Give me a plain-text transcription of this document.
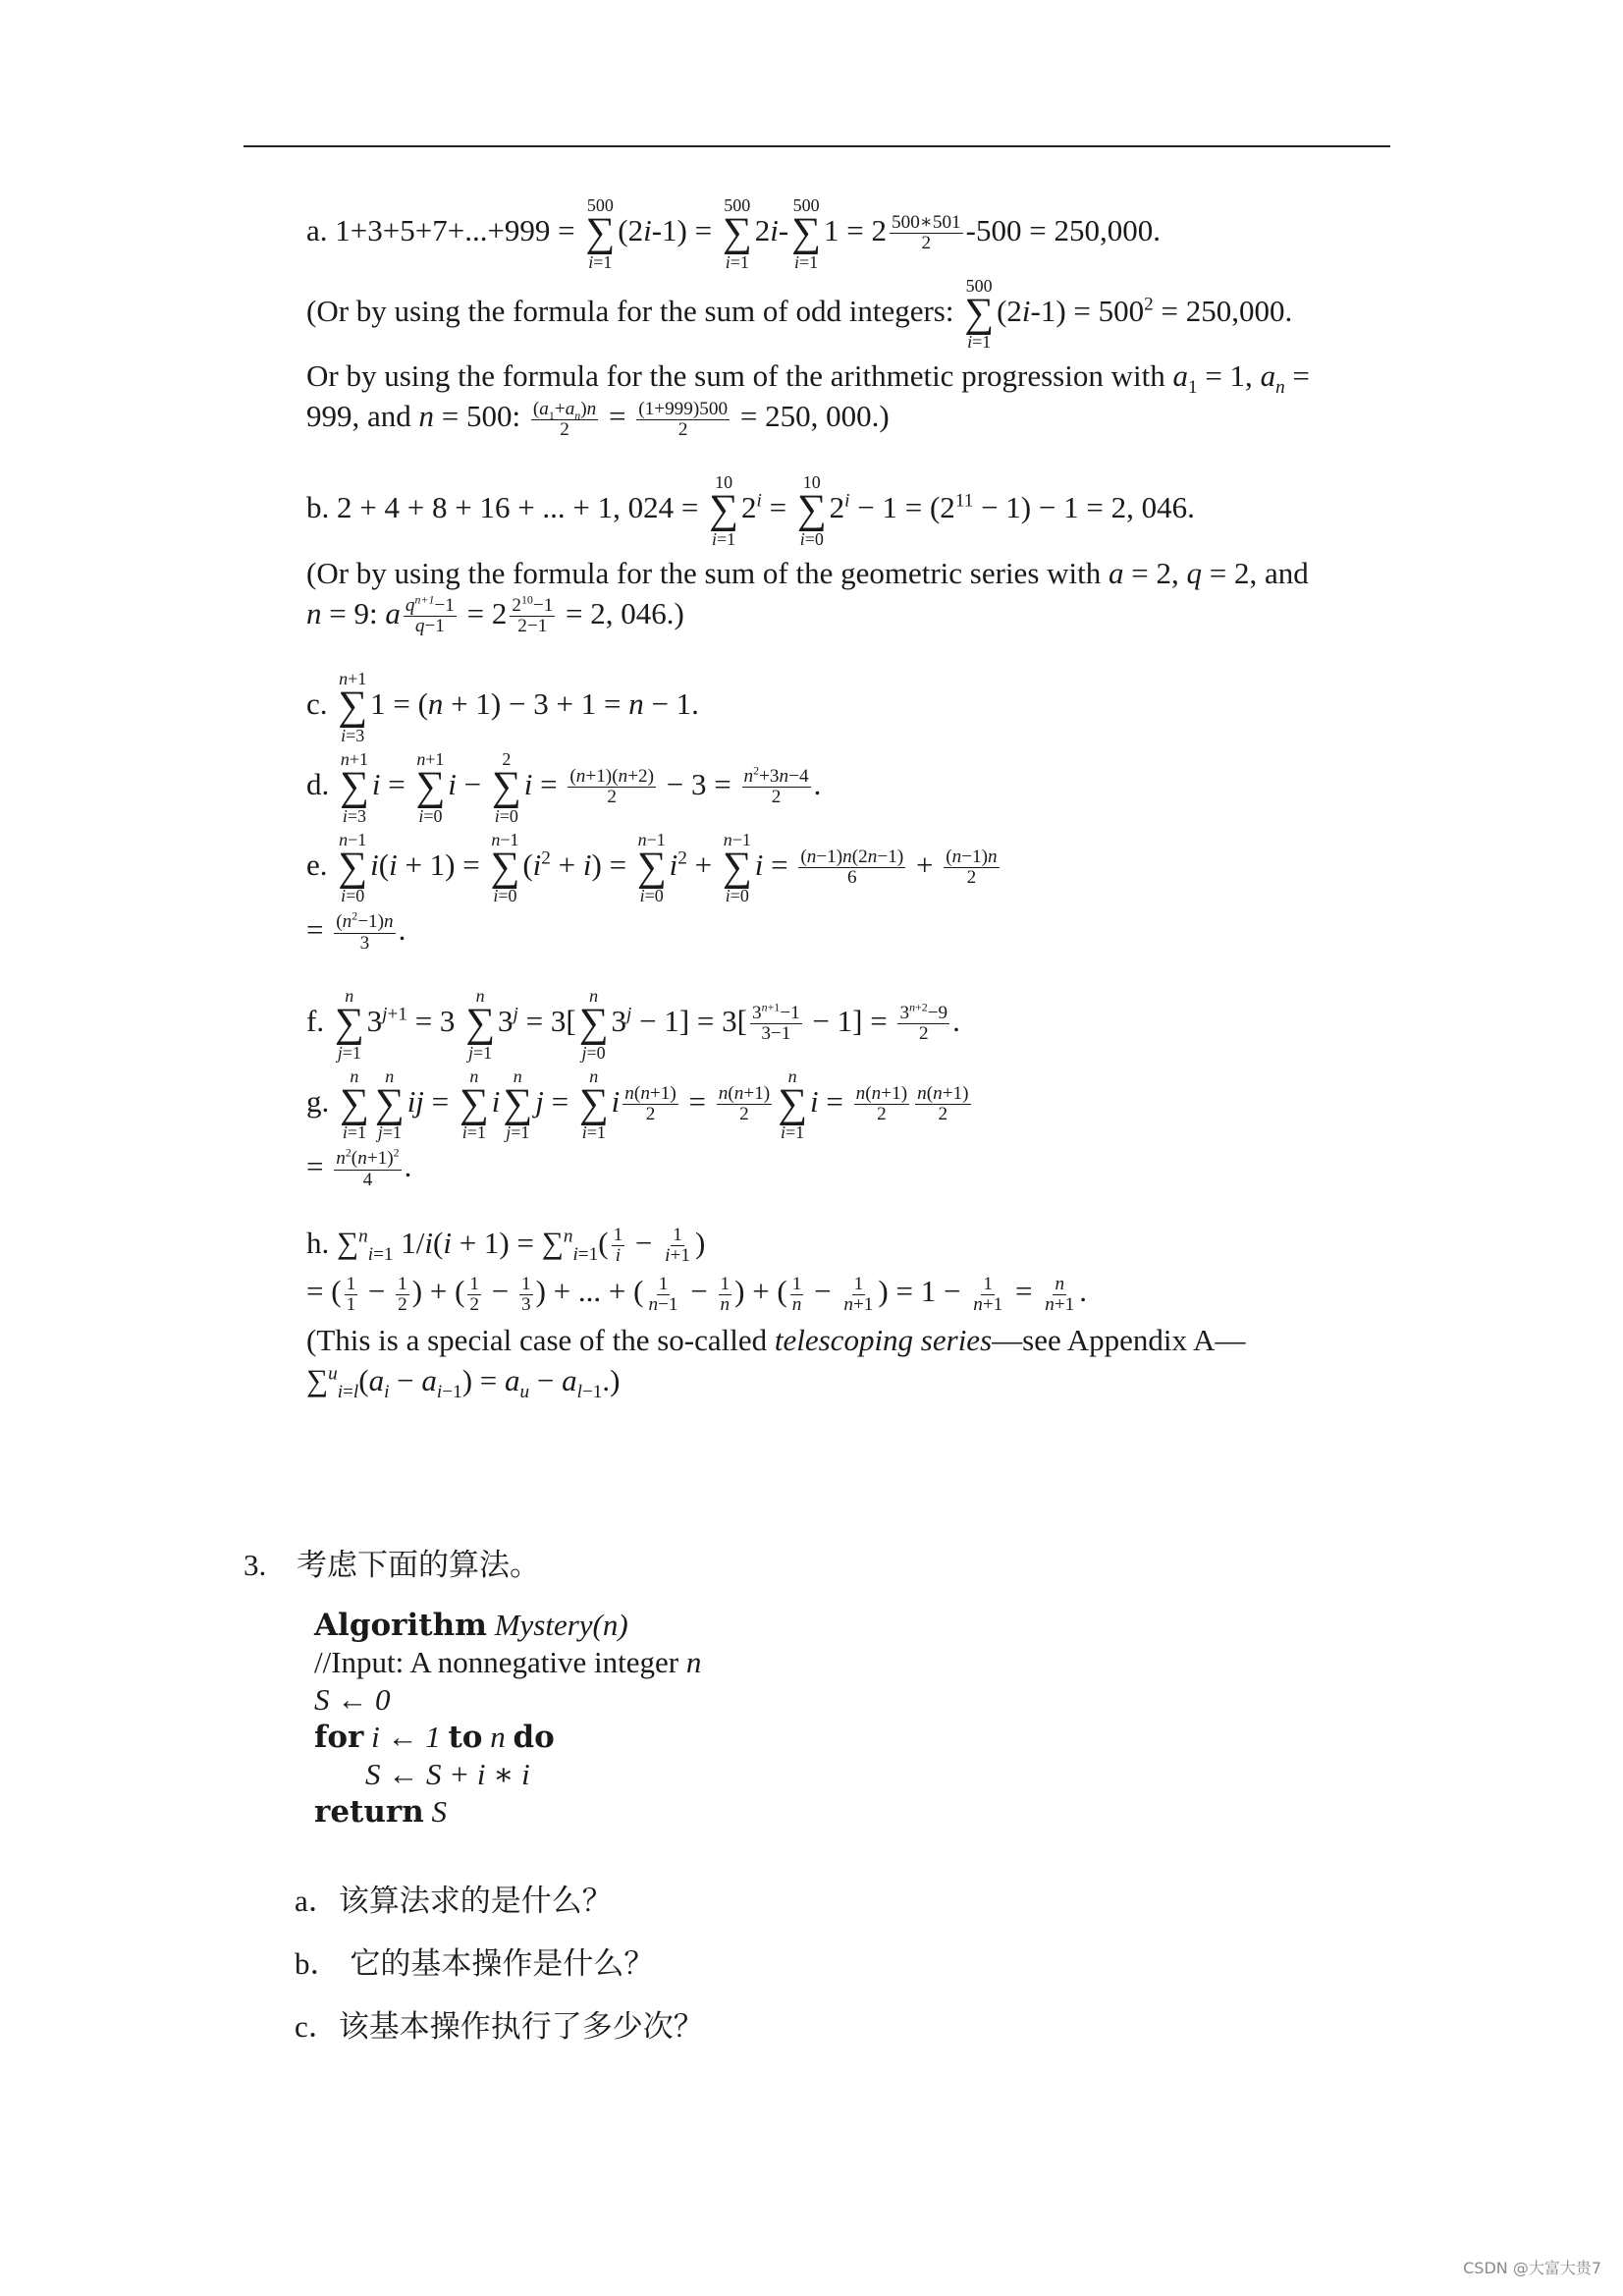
a. 1+3+5+7+...+999 =
500
∑
i=1
(2i-1) =
500
∑
i=1
2i-
500
∑
i=1
$1 = 2 \frac{500∗501}{2} -500 = 250,000$.

(Or by using the formula for the sum of odd integers:
500
∑
i=1
$(2i-1) = 500^2 = 250,000$.

Or by using the formula for the sum of the arithmetic progression with $a_1 = 1$, $a_n = 999$, and n = 500: $\frac{(a_1+a_n)n}{2} = \frac{(1+999)500}{2} = 250$, 000.)

b. 2 + 4 + 8 + 16 + ... + 1, 024 =
10
∑
i=1
$2^i$ =
10
∑
i=0
$2^i - 1 = (2^{11} - 1) - 1 = 2$, 046.

(Or by using the formula for the sum of the geometric series with a = 2, q = 2, and n = 9: a $\frac{q^{n+1}-1}{q-1} = 2 \frac{2^{10}-1}{2-1} = 2$, 046.)

c.
n+1
∑
i=3
1 = (n + 1) − 3 + 1 = n − 1.

d.
n+1
∑
i=3
i =
n+1
∑
i=0
i −
2
∑
i=0
$i = \frac{(n+1)(n+2)}{2} - 3 = \frac{n^2+3n-4}{2}$ .

e.
n−1
∑
i=0
i(i + 1) =
n−1
∑
i=0
$(i^2 + i)$ =
n−1
∑
i=0
$i^2$ +
n−1
∑
i=0
$i = \frac{(n-1)n(2n-1)}{6} + \frac{(n-1)n}{2}$

= $\frac{(n^2-1)n}{3}$ .

f.
n
∑
j=1
$3^{j+1} = 3$
n
∑
j=1
$3^j = 3$[
n
∑
j=0
$3^j - 1] = 3[ \frac{3^{n+1}-1}{3-1} - 1] = \frac{3^{n+2}-9}{2}$ .

g.
n
∑
i=1
n
∑
j=1
ij =
n
∑
i=1
i
n
∑
j=1
j =
n
∑
i=1
i $\frac{n(n+1)}{2} = \frac{n(n+1)}{2}$
n
∑
i=1
$i = \frac{n(n+1)}{2} \frac{n(n+1)}{2}$

= $\frac{n^2(n+1)^2}{4}$ .

h. ∑$^n_{i=1}$ $1/i(i + 1) = \sum^n_{i=1}( \frac{1}{i} - \frac{1}{i+1}$ )

= ( $\frac{1}{1} - \frac{1}{2}$ ) + ( $\frac{1}{2} - \frac{1}{3}$ ) + ... + ( $\frac{1}{n-1} - \frac{1}{n}$ ) + ( $\frac{1}{n} - \frac{1}{n+1}$ ) = $1 - \frac{1}{n+1} = \frac{n}{n+1}$ .

(This is a special case of the so-called telescoping series—see Appendix $A—\sum^u_{i=l}(a_i - a_{i-1}) = a_u - a_{l-1}$.)

3. 考虑下面的算法。
Algorithm Mystery(n)
//Input: A nonnegative integer n
S ← 0
for i ← 1 to n do
S ← S + i ∗ i
return S
a．该算法求的是什么？
b． 它的基本操作是什么？
c．该基本操作执行了多少次？
CSDN @大富大贵7
